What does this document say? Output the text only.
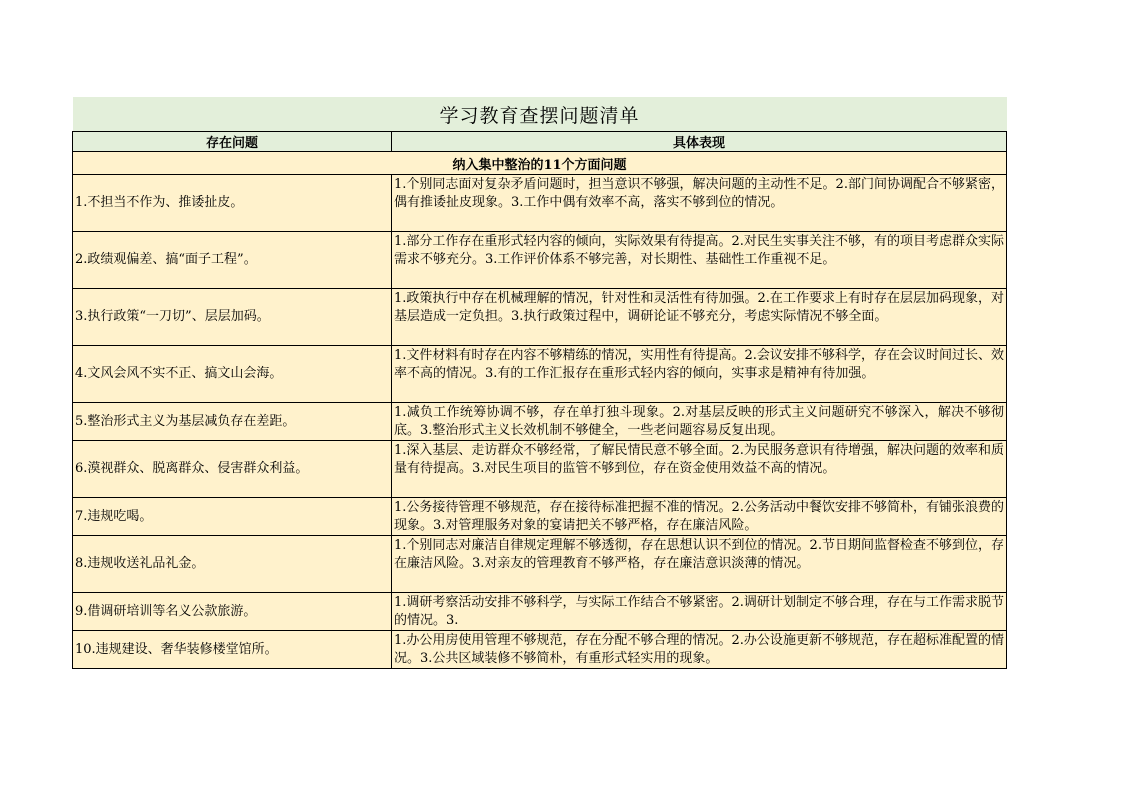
学习教育查摆问题清单	
存在问题	具体表现
纳入集中整治的11个方面问题	
1.不担当不作为、推诿扯皮。	1.个别同志面对复杂矛盾问题时，担当意识不够强，解决问题的主动性不足。2.部门间协调配合不够紧密，偶有推诿扯皮现象。3.工作中偶有效率不高，落实不够到位的情况。
2.政绩观偏差、搞“面子工程”。	1.部分工作存在重形式轻内容的倾向，实际效果有待提高。2.对民生实事关注不够，有的项目考虑群众实际需求不够充分。3.工作评价体系不够完善，对长期性、基础性工作重视不足。
3.执行政策“一刀切”、层层加码。	1.政策执行中存在机械理解的情况，针对性和灵活性有待加强。2.在工作要求上有时存在层层加码现象，对基层造成一定负担。3.执行政策过程中，调研论证不够充分，考虑实际情况不够全面。
4.文风会风不实不正、搞文山会海。	1.文件材料有时存在内容不够精练的情况，实用性有待提高。2.会议安排不够科学，存在会议时间过长、效率不高的情况。3.有的工作汇报存在重形式轻内容的倾向，实事求是精神有待加强。
5.整治形式主义为基层减负存在差距。	1.减负工作统筹协调不够，存在单打独斗现象。2.对基层反映的形式主义问题研究不够深入，解决不够彻底。3.整治形式主义长效机制不够健全，一些老问题容易反复出现。
6.漠视群众、脱离群众、侵害群众利益。	1.深入基层、走访群众不够经常，了解民情民意不够全面。2.为民服务意识有待增强，解决问题的效率和质量有待提高。3.对民生项目的监管不够到位，存在资金使用效益不高的情况。
7.违规吃喝。	1.公务接待管理不够规范，存在接待标准把握不准的情况。2.公务活动中餐饮安排不够简朴，有铺张浪费的现象。3.对管理服务对象的宴请把关不够严格，存在廉洁风险。
8.违规收送礼品礼金。	1.个别同志对廉洁自律规定理解不够透彻，存在思想认识不到位的情况。2.节日期间监督检查不够到位，存在廉洁风险。3.对亲友的管理教育不够严格，存在廉洁意识淡薄的情况。
9.借调研培训等名义公款旅游。	1.调研考察活动安排不够科学，与实际工作结合不够紧密。2.调研计划制定不够合理，存在与工作需求脱节的情况。3.
10.违规建设、奢华装修楼堂馆所。	1.办公用房使用管理不够规范，存在分配不够合理的情况。2.办公设施更新不够规范，存在超标准配置的情况。3.公共区域装修不够简朴，有重形式轻实用的现象。
